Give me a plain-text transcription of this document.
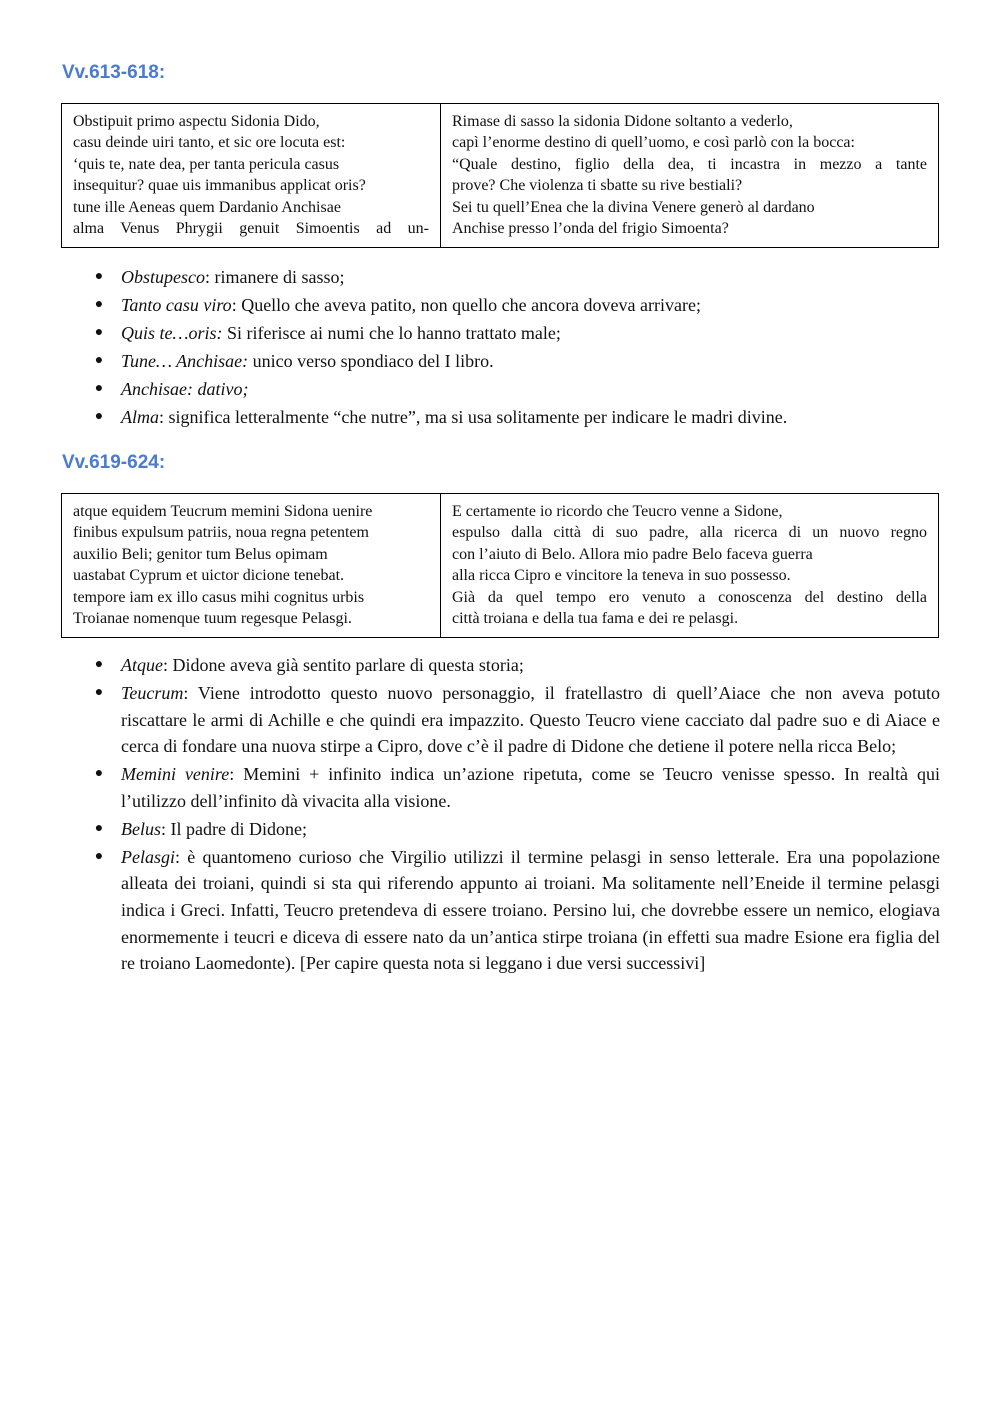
Vv.613-618:
Obstipuit primo aspectu Sidonia Dido,
casu deinde uiri tanto, et sic ore locuta est:
‘quis te, nate dea, per tanta pericula casus
insequitur? quae uis immanibus applicat oris?
tune ille Aeneas quem Dardanio Anchisae
alma Venus Phrygii genuit Simoentis ad un-

Rimase di sasso la sidonia Didone soltanto a vederlo,
capì l’enorme destino di quell’uomo, e così parlò con la bocca:
“Quale destino, figlio della dea, ti incastra in mezzo a tante
prove? Che violenza ti sbatte su rive bestiali?
Sei tu quell’Enea che la divina Venere generò al dardano
Anchise presso l’onda del frigio Simoenta?
● Obstupesco: rimanere di sasso;
● Tanto casu viro: Quello che aveva patito, non quello che ancora doveva arrivare;
● Quis te…oris: Si riferisce ai numi che lo hanno trattato male;
● Tune… Anchisae: unico verso spondiaco del I libro.
● Anchisae: dativo;
● Alma: significa letteralmente “che nutre”, ma si usa solitamente per indicare le madri divine.
Vv.619-624:
atque equidem Teucrum memini Sidona uenire
finibus expulsum patriis, noua regna petentem
auxilio Beli; genitor tum Belus opimam
uastabat Cyprum et uictor dicione tenebat.
tempore iam ex illo casus mihi cognitus urbis
Troianae nomenque tuum regesque Pelasgi.

E certamente io ricordo che Teucro venne a Sidone,
espulso dalla città di suo padre, alla ricerca di un nuovo regno
con l’aiuto di Belo. Allora mio padre Belo faceva guerra
alla ricca Cipro e vincitore la teneva in suo possesso.
Già da quel tempo ero venuto a conoscenza del destino della
città troiana e della tua fama e dei re pelasgi.
● Atque: Didone aveva già sentito parlare di questa storia;
● Teucrum: Viene introdotto questo nuovo personaggio, il fratellastro di quell’Aiace che non aveva potuto riscattare le armi di Achille e che quindi era impazzito. Questo Teucro viene cacciato dal padre suo e di Aiace e cerca di fondare una nuova stirpe a Cipro, dove c’è il padre di Didone che detiene il potere nella ricca Belo;
● Memini venire: Memini + infinito indica un’azione ripetuta, come se Teucro venisse spesso. In realtà qui l’utilizzo dell’infinito dà vivacita alla visione.
● Belus: Il padre di Didone;
● Pelasgi: è quantomeno curioso che Virgilio utilizzi il termine pelasgi in senso letterale. Era una popolazione alleata dei troiani, quindi si sta qui riferendo appunto ai troiani. Ma solitamente nell’Eneide il termine pelasgi indica i Greci. Infatti, Teucro pretendeva di essere troiano. Persino lui, che dovrebbe essere un nemico, elogiava enormemente i teucri e diceva di essere nato da un’antica stirpe troiana (in effetti sua madre Esione era figlia del re troiano Laomedonte). [Per capire questa nota si leggano i due versi successivi]
